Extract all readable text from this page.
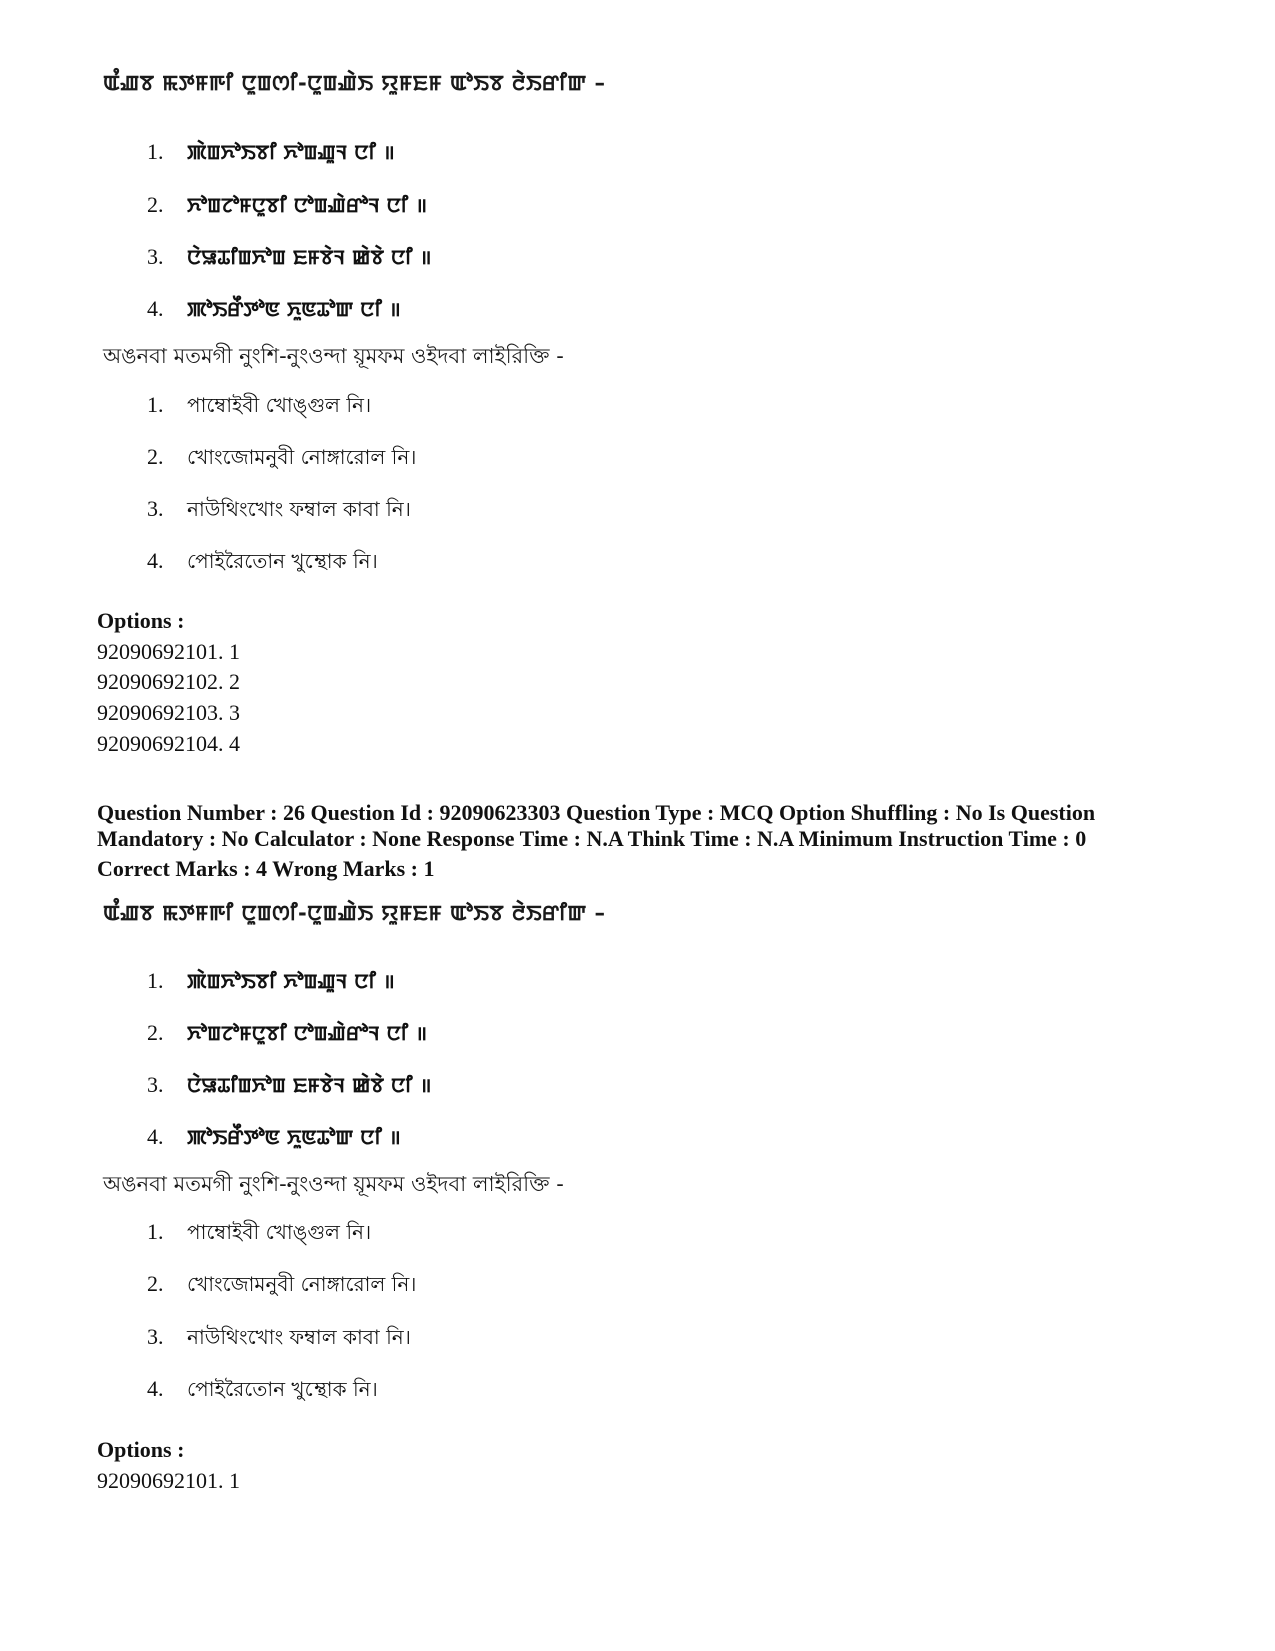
ꯑꯪꯉꯕ ꯃꯇꯝꯒꯤ ꯅꯨꯡꯁꯤ-ꯅꯨꯡꯉꯥꯏ ꯌꯨꯝꯐꯝ ꯑꯣꯏꯕ ꯂꯥꯏꯔꯤꯛ –
1. ꯄꯥꯡꯈꯣꯏꯕꯤ ꯈꯣꯡꯉꯨꯜ ꯅꯤ ॥
2. ꯈꯣꯡꯖꯣꯝꯅꯨꯕꯤ ꯅꯣꯡꯉꯥꯔꯣꯜ ꯅꯤ ॥
3. ꯅꯥꯎꯊꯤꯡꯈꯣꯡ ꯐꯝꯕꯥꯜ ꯀꯥꯕꯥ ꯅꯤ ॥
4. ꯄꯣꯏꯔꯩꯇꯣꯟ ꯈꯨꯟꯊꯣꯛ ꯅꯤ ॥
অঙনবা মতমগী নুংশি-নুংওন্দা য়ূমফম ওইদবা লাইরিক্তি -
1. পাম্বোইবী খোঙ্গুল নি।
2. খোংজোমনুবী নোঙ্গারোল নি।
3. নাউথিংখোং ফম্বাল কাবা নি।
4. পোইরৈতোন খুম্থোক নি।
Options :
92090692101. 1
92090692102. 2
92090692103. 3
92090692104. 4
Question Number : 26 Question Id : 92090623303 Question Type : MCQ Option Shuffling : No Is Question
Mandatory : No Calculator : None Response Time : N.A Think Time : N.A Minimum Instruction Time : 0
Correct Marks : 4 Wrong Marks : 1
ꯑꯪꯉꯕ ꯃꯇꯝꯒꯤ ꯅꯨꯡꯁꯤ-ꯅꯨꯡꯉꯥꯏ ꯌꯨꯝꯐꯝ ꯑꯣꯏꯕ ꯂꯥꯏꯔꯤꯛ –
1. ꯄꯥꯡꯈꯣꯏꯕꯤ ꯈꯣꯡꯉꯨꯜ ꯅꯤ ॥
2. ꯈꯣꯡꯖꯣꯝꯅꯨꯕꯤ ꯅꯣꯡꯉꯥꯔꯣꯜ ꯅꯤ ॥
3. ꯅꯥꯎꯊꯤꯡꯈꯣꯡ ꯐꯝꯕꯥꯜ ꯀꯥꯕꯥ ꯅꯤ ॥
4. ꯄꯣꯏꯔꯩꯇꯣꯟ ꯈꯨꯟꯊꯣꯛ ꯅꯤ ॥
অঙনবা মতমগী নুংশি-নুংওন্দা য়ূমফম ওইদবা লাইরিক্তি -
1. পাম্বোইবী খোঙ্গুল নি।
2. খোংজোমনুবী নোঙ্গারোল নি।
3. নাউথিংখোং ফম্বাল কাবা নি।
4. পোইরৈতোন খুম্থোক নি।
Options :
92090692101. 1
